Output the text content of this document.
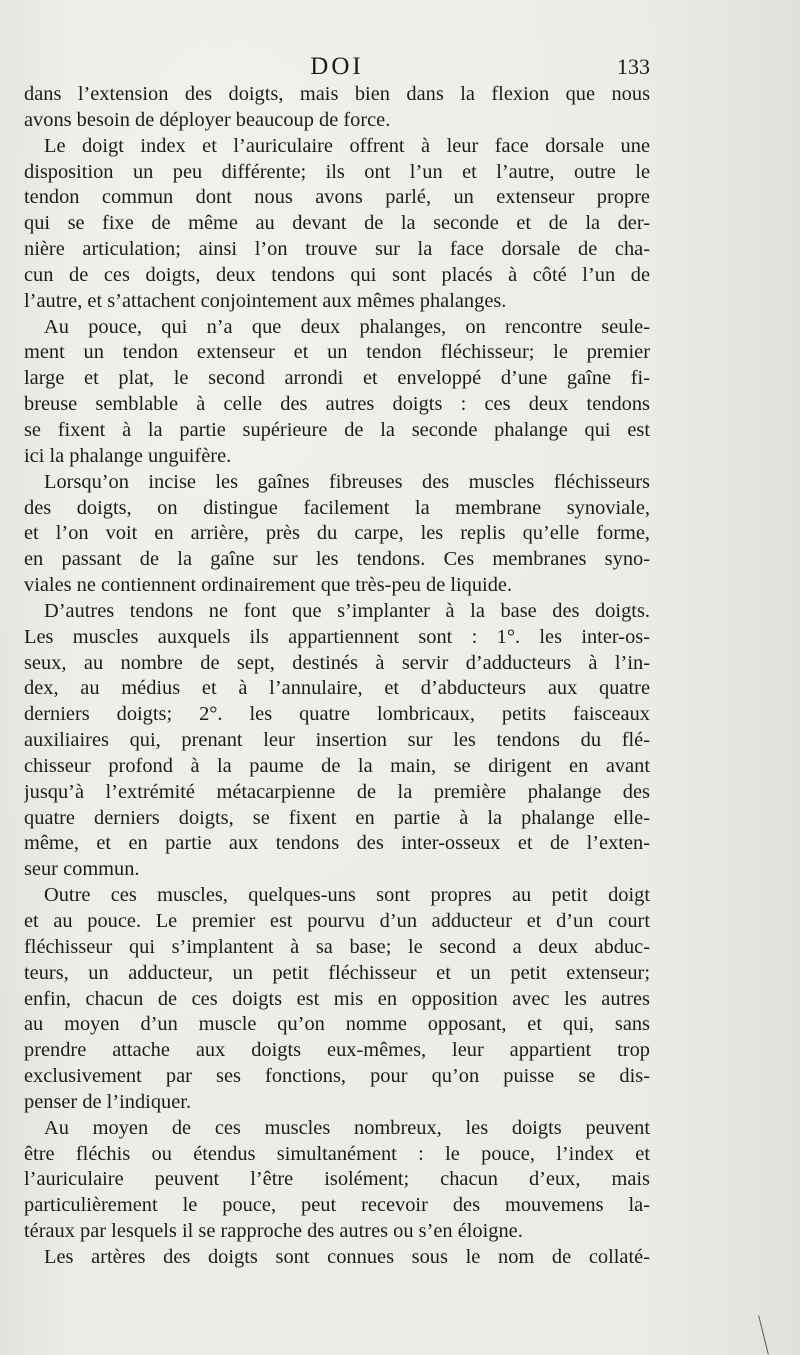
DOI	133
dans l’extension des doigts, mais bien dans la flexion que nous
avons besoin de déployer beaucoup de force.
Le doigt index et l’auriculaire offrent à leur face dorsale une
disposition un peu différente; ils ont l’un et l’autre, outre le
tendon commun dont nous avons parlé, un extenseur propre
qui se fixe de même au devant de la seconde et de la der-
nière articulation; ainsi l’on trouve sur la face dorsale de cha-
cun de ces doigts, deux tendons qui sont placés à côté l’un de
l’autre, et s’attachent conjointement aux mêmes phalanges.
Au pouce, qui n’a que deux phalanges, on rencontre seule-
ment un tendon extenseur et un tendon fléchisseur; le premier
large et plat, le second arrondi et enveloppé d’une gaîne fi-
breuse semblable à celle des autres doigts : ces deux tendons
se fixent à la partie supérieure de la seconde phalange qui est
ici la phalange unguifère.
Lorsqu’on incise les gaînes fibreuses des muscles fléchisseurs
des doigts, on distingue facilement la membrane synoviale,
et l’on voit en arrière, près du carpe, les replis qu’elle forme,
en passant de la gaîne sur les tendons. Ces membranes syno-
viales ne contiennent ordinairement que très-peu de liquide.
D’autres tendons ne font que s’implanter à la base des doigts.
Les muscles auxquels ils appartiennent sont : 1°. les inter-os-
seux, au nombre de sept, destinés à servir d’adducteurs à l’in-
dex, au médius et à l’annulaire, et d’abducteurs aux quatre
derniers doigts; 2°. les quatre lombricaux, petits faisceaux
auxiliaires qui, prenant leur insertion sur les tendons du flé-
chisseur profond à la paume de la main, se dirigent en avant
jusqu’à l’extrémité métacarpienne de la première phalange des
quatre derniers doigts, se fixent en partie à la phalange elle-
même, et en partie aux tendons des inter-osseux et de l’exten-
seur commun.
Outre ces muscles, quelques-uns sont propres au petit doigt
et au pouce. Le premier est pourvu d’un adducteur et d’un court
fléchisseur qui s’implantent à sa base; le second a deux abduc-
teurs, un adducteur, un petit fléchisseur et un petit extenseur;
enfin, chacun de ces doigts est mis en opposition avec les autres
au moyen d’un muscle qu’on nomme opposant, et qui, sans
prendre attache aux doigts eux-mêmes, leur appartient trop
exclusivement par ses fonctions, pour qu’on puisse se dis-
penser de l’indiquer.
Au moyen de ces muscles nombreux, les doigts peuvent
être fléchis ou étendus simultanément : le pouce, l’index et
l’auriculaire peuvent l’être isolément; chacun d’eux, mais
particulièrement le pouce, peut recevoir des mouvemens la-
téraux par lesquels il se rapproche des autres ou s’en éloigne.
Les artères des doigts sont connues sous le nom de collaté-
